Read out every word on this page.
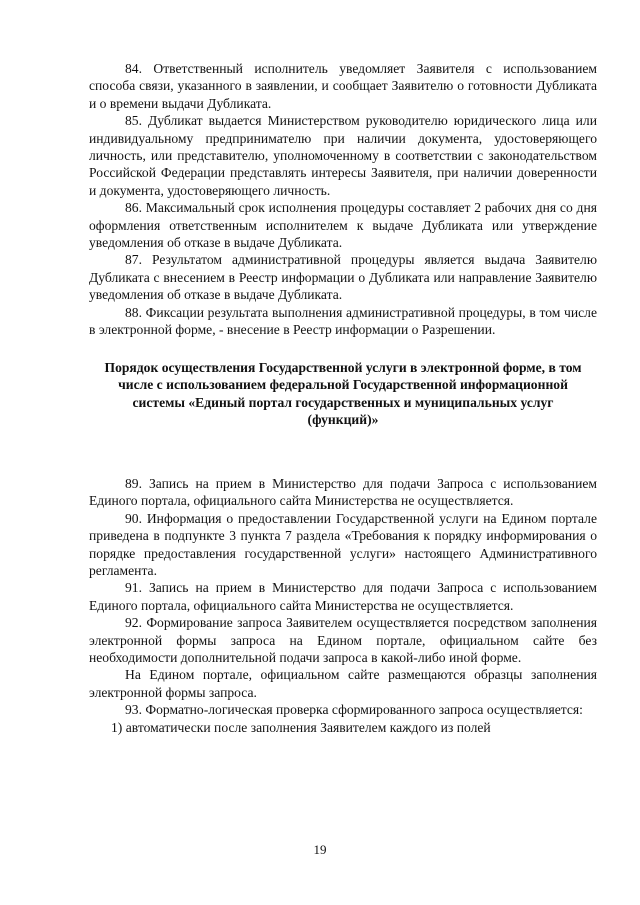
84. Ответственный исполнитель уведомляет Заявителя с использованием способа связи, указанного в заявлении, и сообщает Заявителю о готовности Дубликата и о времени выдачи Дубликата.

85. Дубликат выдается Министерством руководителю юридического лица или индивидуальному предпринимателю при наличии документа, удостоверяющего личность, или представителю, уполномоченному в соответствии с законодательством Российской Федерации представлять интересы Заявителя, при наличии доверенности и документа, удостоверяющего личность.

86. Максимальный срок исполнения процедуры составляет 2 рабочих дня со дня оформления ответственным исполнителем к выдаче Дубликата или утверждение уведомления об отказе в выдаче Дубликата.

87. Результатом административной процедуры является выдача Заявителю Дубликата с внесением в Реестр информации о Дубликата или направление Заявителю уведомления об отказе в выдаче Дубликата.

88. Фиксации результата выполнения административной процедуры, в том числе в электронной форме, - внесение в Реестр информации о Разрешении.

Порядок осуществления Государственной услуги в электронной форме, в том числе с использованием федеральной Государственной информационной системы «Единый портал государственных и муниципальных услуг (функций)»

89. Запись на прием в Министерство для подачи Запроса с использованием Единого портала, официального сайта Министерства не осуществляется.

90. Информация о предоставлении Государственной услуги на Едином портале приведена в подпункте 3 пункта 7 раздела «Требования к порядку информирования о порядке предоставления государственной услуги» настоящего Административного регламента.

91. Запись на прием в Министерство для подачи Запроса с использованием Единого портала, официального сайта Министерства не осуществляется.

92. Формирование запроса Заявителем осуществляется посредством заполнения электронной формы запроса на Едином портале, официальном сайте без необходимости дополнительной подачи запроса в какой-либо иной форме.

На Едином портале, официальном сайте размещаются образцы заполнения электронной формы запроса.

93. Форматно-логическая проверка сформированного запроса осуществляется:

1) автоматически после заполнения Заявителем каждого из полей

19
